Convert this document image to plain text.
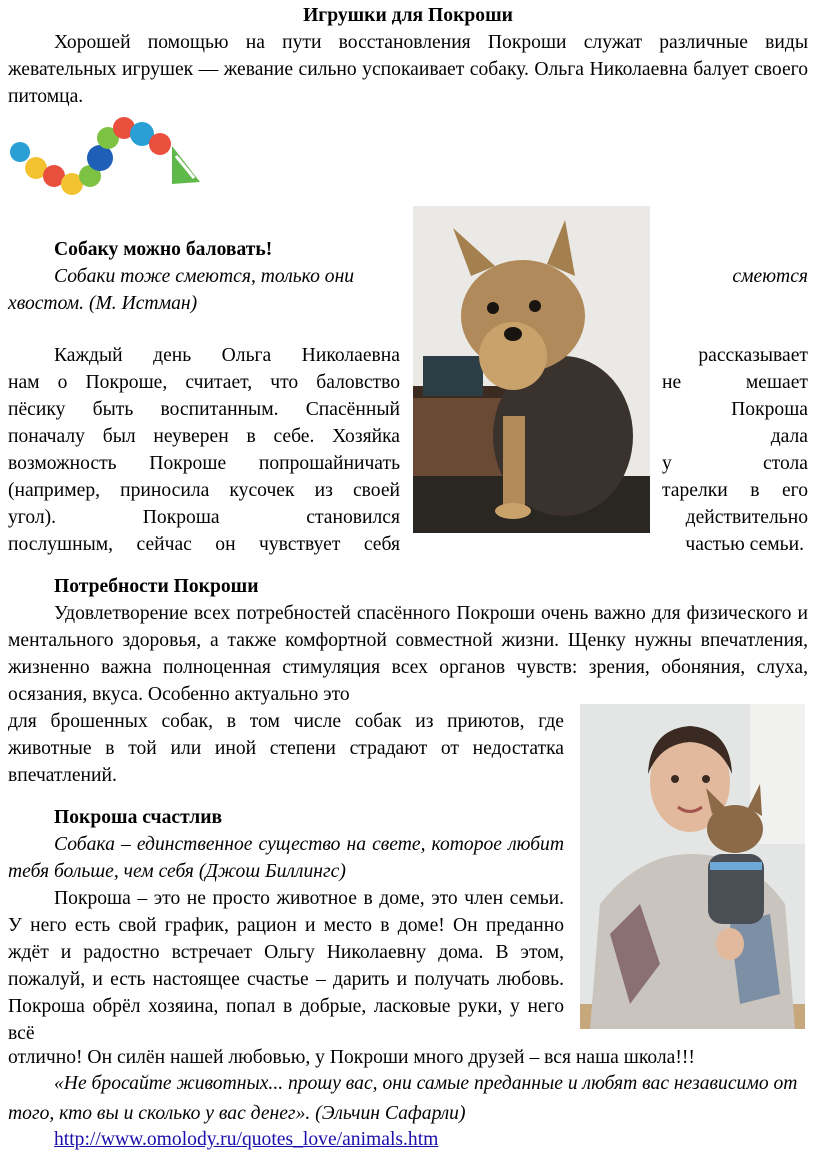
Игрушки для Покроши
Хорошей помощью на пути восстановления Покроши служат различные виды жевательных игрушек — жевание сильно успокаивает собаку. Ольга Николаевна балует своего питомца.
Собаку можно баловать!
Собаки тоже смеются, только они	смеются
хвостом. (М. Истман)
Каждый день Ольга Николаевна	рассказывает
нам о Покроше, считает, что баловство	не мешает
пёсику быть воспитанным. Спасённый	Покроша
поначалу был неуверен в себе. Хозяйка	дала
возможность Покроше попрошайничать	у стола
(например, приносила кусочек из своей	тарелки в его
угол). Покроша становился	действительно
послушным, сейчас он чувствует себя	частью семьи.
Потребности Покроши
Удовлетворение всех потребностей спасённого Покроши очень важно для физического и ментального здоровья, а также комфортной совместной жизни. Щенку нужны впечатления, жизненно важна полноценная стимуляция всех органов чувств: зрения, обоняния, слуха, осязания, вкуса. Особенно актуально это
для брошенных собак, в том числе собак из приютов, где животные в той или иной степени страдают от недостатка впечатлений.
Покроша счастлив
Собака – единственное существо на свете, которое любит тебя больше, чем себя (Джош Биллингс)
Покроша – это не просто животное в доме, это член семьи. У него есть свой график, рацион и место в доме! Он преданно ждёт и радостно встречает Ольгу Николаевну дома. В этом, пожалуй, и есть настоящее счастье – дарить и получать любовь. Покроша обрёл хозяина, попал в добрые, ласковые руки, у него всё
отлично! Он силён нашей любовью, у Покроши много друзей – вся наша школа!!!
«Не бросайте животных... прошу вас, они самые преданные и любят вас независимо от того, кто вы и сколько у вас денег». (Эльчин Сафарли)
http://www.omolody.ru/quotes_love/animals.htm
